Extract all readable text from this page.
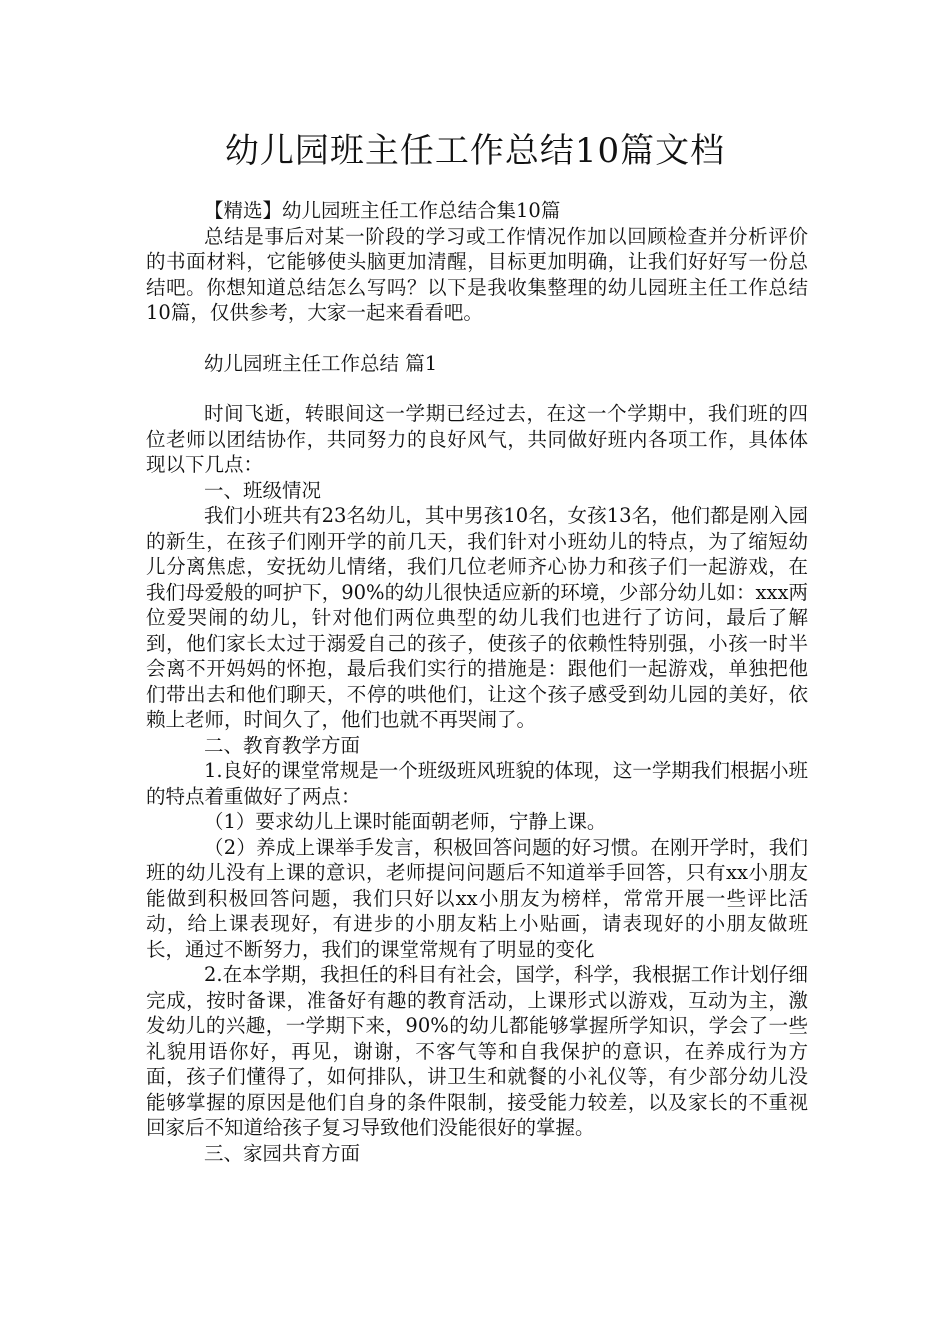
幼儿园班主任工作总结10篇文档

【精选】幼儿园班主任工作总结合集10篇

总结是事后对某一阶段的学习或工作情况作加以回顾检查并分析评价的书面材料，它能够使头脑更加清醒，目标更加明确，让我们好好写一份总结吧。你想知道总结怎么写吗？以下是我收集整理的幼儿园班主任工作总结10篇，仅供参考，大家一起来看看吧。

幼儿园班主任工作总结 篇1

时间飞逝，转眼间这一学期已经过去，在这一个学期中，我们班的四位老师以团结协作，共同努力的良好风气，共同做好班内各项工作，具体体现以下几点：

一、班级情况

我们小班共有23名幼儿，其中男孩10名，女孩13名，他们都是刚入园的新生，在孩子们刚开学的前几天，我们针对小班幼儿的特点，为了缩短幼儿分离焦虑，安抚幼儿情绪，我们几位老师齐心协力和孩子们一起游戏，在我们母爱般的呵护下，90%的幼儿很快适应新的环境，少部分幼儿如：xxx两位爱哭闹的幼儿，针对他们两位典型的幼儿我们也进行了访问，最后了解到，他们家长太过于溺爱自己的孩子，使孩子的依赖性特别强，小孩一时半会离不开妈妈的怀抱，最后我们实行的措施是：跟他们一起游戏，单独把他们带出去和他们聊天，不停的哄他们，让这个孩子感受到幼儿园的美好，依赖上老师，时间久了，他们也就不再哭闹了。

二、教育教学方面

1.良好的课堂常规是一个班级班风班貌的体现，这一学期我们根据小班的特点着重做好了两点：

（1）要求幼儿上课时能面朝老师，宁静上课。

（2）养成上课举手发言，积极回答问题的好习惯。在刚开学时，我们班的幼儿没有上课的意识，老师提问问题后不知道举手回答，只有xx小朋友能做到积极回答问题，我们只好以xx小朋友为榜样，常常开展一些评比活动，给上课表现好，有进步的小朋友粘上小贴画，请表现好的小朋友做班长，通过不断努力，我们的课堂常规有了明显的变化

2.在本学期，我担任的科目有社会，国学，科学，我根据工作计划仔细完成，按时备课，准备好有趣的教育活动，上课形式以游戏，互动为主，激发幼儿的兴趣，一学期下来，90%的幼儿都能够掌握所学知识，学会了一些礼貌用语你好，再见，谢谢，不客气等和自我保护的意识，在养成行为方面，孩子们懂得了，如何排队，讲卫生和就餐的小礼仪等，有少部分幼儿没能够掌握的原因是他们自身的条件限制，接受能力较差，以及家长的不重视回家后不知道给孩子复习导致他们没能很好的掌握。

三、家园共育方面
